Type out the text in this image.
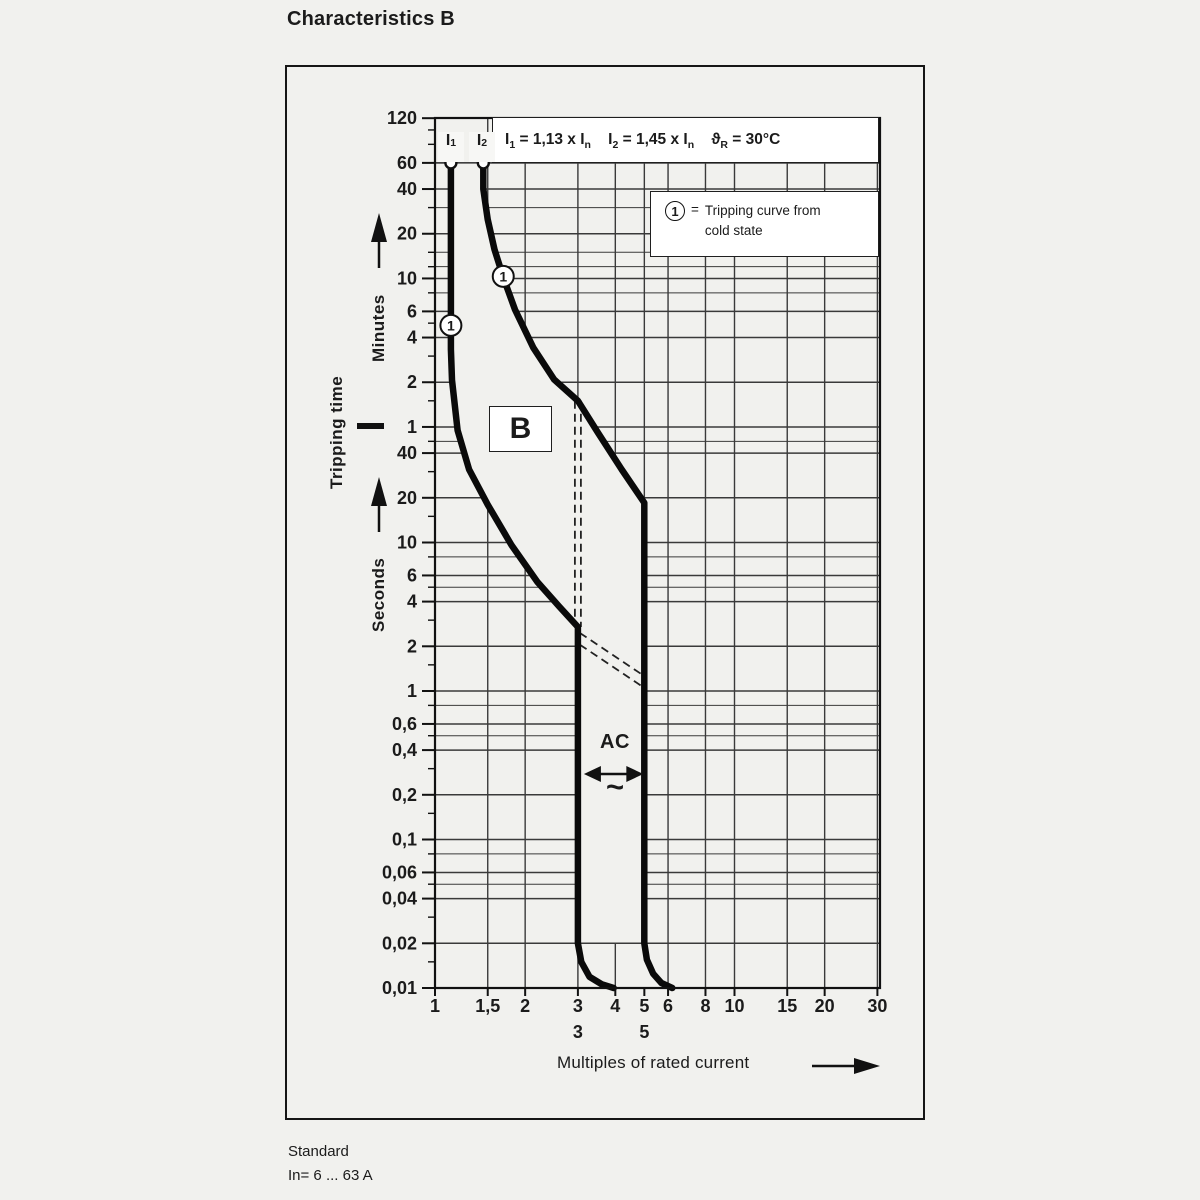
Characteristics B
1
1
120
60
40
20
10
6
4
2
1
40
20
10
6
4
2
1
0,6
0,4
0,2
0,1
0,06
0,04
0,02
0,01
1 1,5 2 3 4 5 6 8 10 15 20 30
3	5
I 1 = 1,13 x I n I 2 = 1,45 x I n ϑ R = 30°C
1 = Tripping curve from
cold state
B
I 1 I 2
Minutes
Seconds
Tripping time
AC
~
Multiples of rated current
Standard
In= 6 ... 63 A
